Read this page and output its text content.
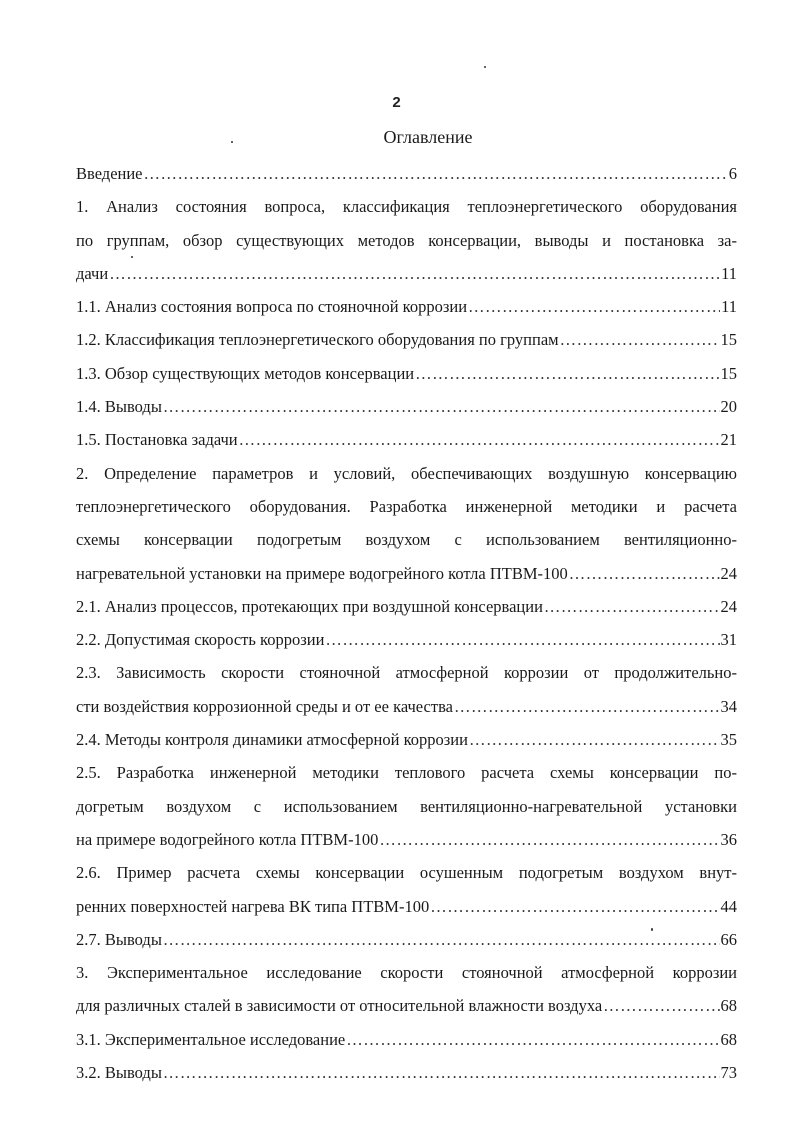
2
Оглавление
Введение ………………………………………………………………………………………………………………………………………………………………………………………………………………………	6
1. Анализ состояния вопроса, классификация теплоэнергетического оборудования
по группам, обзор существующих методов консервации, выводы и постановка за-
дачи ………………………………………………………………………………………………………………………………………………………………………………………………………………………	11
1.1. Анализ состояния вопроса по стояночной коррозии ………………………………………………………………………………………………………………………………………………………………………………………………………………………	11
1.2. Классификация теплоэнергетического оборудования по группам ………………………………………………………………………………………………………………………………………………………………………………………………………………………	15
1.3. Обзор существующих методов консервации ………………………………………………………………………………………………………………………………………………………………………………………………………………………	15
1.4. Выводы ………………………………………………………………………………………………………………………………………………………………………………………………………………………	20
1.5. Постановка задачи ………………………………………………………………………………………………………………………………………………………………………………………………………………………	21
2. Определение параметров и условий, обеспечивающих воздушную консервацию
теплоэнергетического оборудования. Разработка инженерной методики и расчета
схемы консервации подогретым воздухом с использованием вентиляционно-
нагревательной установки на примере водогрейного котла ПТВМ-100 ………………………………………………………………………………………………………………………………………………………………………………………………………………………	24
2.1. Анализ процессов, протекающих при воздушной консервации ………………………………………………………………………………………………………………………………………………………………………………………………………………………	24
2.2. Допустимая скорость коррозии ………………………………………………………………………………………………………………………………………………………………………………………………………………………	31
2.3. Зависимость скорости стояночной атмосферной коррозии от продолжительно-
сти воздействия коррозионной среды и от ее качества ………………………………………………………………………………………………………………………………………………………………………………………………………………………	34
2.4. Методы контроля динамики атмосферной коррозии ………………………………………………………………………………………………………………………………………………………………………………………………………………………	35
2.5. Разработка инженерной методики теплового расчета схемы консервации по-
догретым воздухом с использованием вентиляционно-нагревательной установки
на примере водогрейного котла ПТВМ-100 ………………………………………………………………………………………………………………………………………………………………………………………………………………………	36
2.6. Пример расчета схемы консервации осушенным подогретым воздухом внут-
ренних поверхностей нагрева ВК типа ПТВМ-100 ………………………………………………………………………………………………………………………………………………………………………………………………………………………	44
2.7. Выводы ………………………………………………………………………………………………………………………………………………………………………………………………………………………	66
3. Экспериментальное исследование скорости стояночной атмосферной коррозии
для различных сталей в зависимости от относительной влажности воздуха ………………………………………………………………………………………………………………………………………………………………………………………………………………………	68
3.1. Экспериментальное исследование ………………………………………………………………………………………………………………………………………………………………………………………………………………………	68
3.2. Выводы ………………………………………………………………………………………………………………………………………………………………………………………………………………………	73
